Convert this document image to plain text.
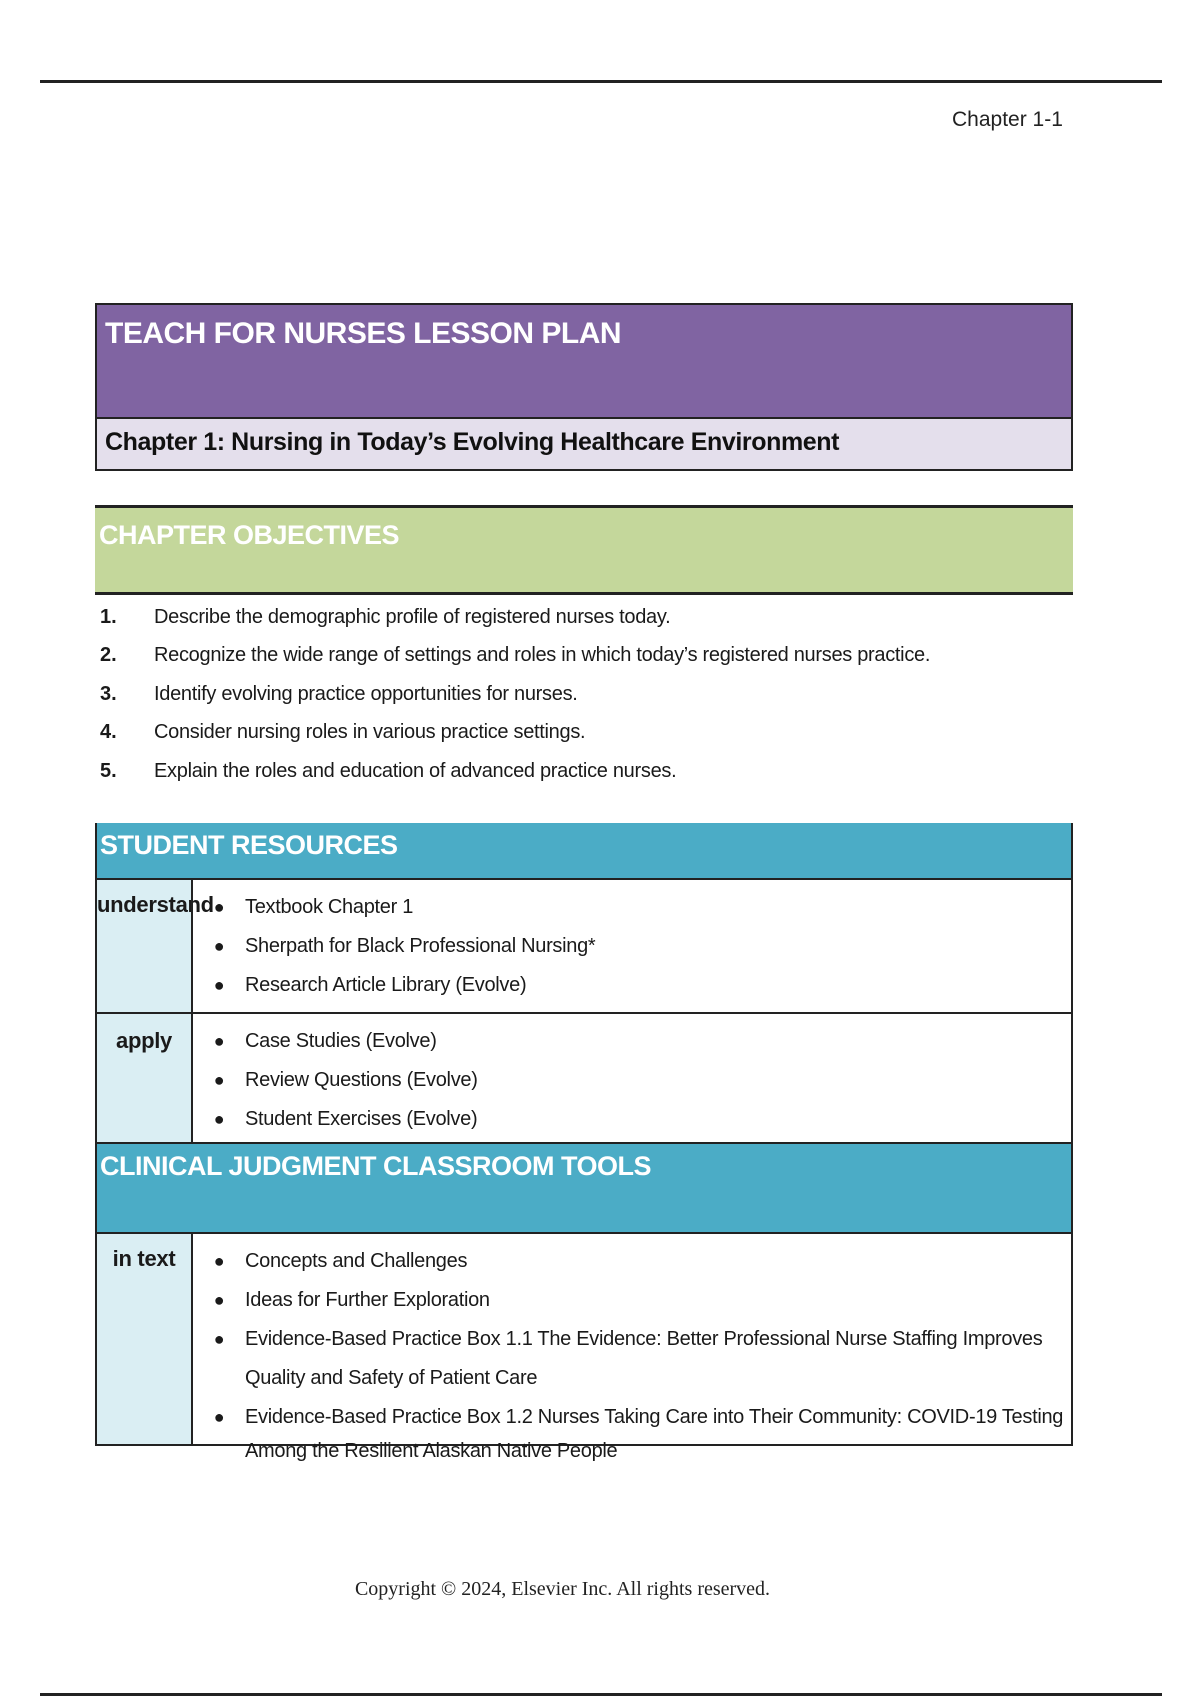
Chapter 1-1
TEACH FOR NURSES LESSON PLAN
Chapter 1: Nursing in Today’s Evolving Healthcare Environment
CHAPTER OBJECTIVES
1.	Describe the demographic profile of registered nurses today.
2.	Recognize the wide range of settings and roles in which today’s registered nurses practice.
3.	Identify evolving practice opportunities for nurses.
4.	Consider nursing roles in various practice settings.
5.	Explain the roles and education of advanced practice nurses.
STUDENT RESOURCES
understand ●	Textbook Chapter 1
●	Sherpath for Black Professional Nursing*
●	Research Article Library (Evolve)
apply	●	Case Studies (Evolve)
●	Review Questions (Evolve)
●	Student Exercises (Evolve)
CLINICAL JUDGMENT CLASSROOM TOOLS
in text	●	Concepts and Challenges
●	Ideas for Further Exploration
●	Evidence-Based Practice Box 1.1 The Evidence: Better Professional Nurse Staffing Improves Quality and Safety of Patient Care
●	Evidence-Based Practice Box 1.2 Nurses Taking Care into Their Community: COVID-19 Testing Among the Resilient Alaskan Native People
Copyright © 2024, Elsevier Inc. All rights reserved.
